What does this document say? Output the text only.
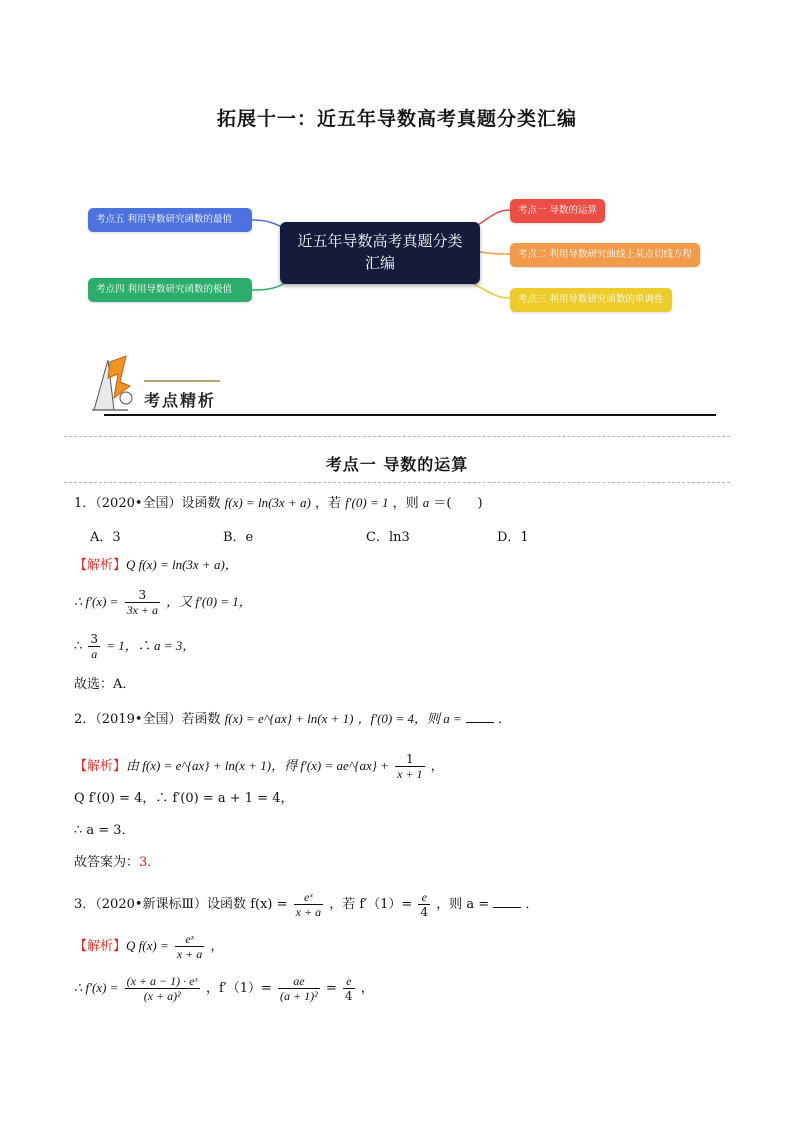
拓展十一：近五年导数高考真题分类汇编
近五年导数高考真题分类汇编
考点一 导数的运算
考点二 利用导数研究曲线上某点切线方程
考点三 利用导数研究函数的单调性
考点四 利用导数研究函数的极值
考点五 利用导数研究函数的最值
考点精析
考点一 导数的运算
1．（2020•全国）设函数 f(x) = ln(3x + a) ，若 f′(0) = 1 ，则 a ＝(　　)
A．3	B．e	C．ln3	D．1
【解析】Q f(x) = ln(3x + a)，
∴ $f'(x) = \frac{3}{3x + a}$ ，又 f′(0) = 1，
∴ $\frac{3}{a} = 1$，∴ a = 3，
故选：A．
2．（2019•全国）若函数 f(x) = e^{ax} + ln(x + 1) ，f′(0) = 4，则 a =	．
【解析】由 f(x) = e^{ax} + ln(x + 1)，得 f′(x) = ae^{ax} + $\frac{1}{x + 1}$ ，
Q f′(0) = 4，∴ f′(0) = a + 1 = 4，
∴ a = 3．
故答案为：3．
3．（2020•新课标Ⅲ）设函数 $f(x) = \frac{\text{eˣ}}{x + a}$ ，若 $f'(1)= \frac{e}{4}$ ，则 a =	．
【解析】Q $f(x) = \frac{\text{eˣ}}{x + a}$ ，
∴ $f'(x) = \frac{\text{(x + a − 1) · eˣ}}{\text{(x + a)²}}$ ，$f'(1)= \frac{ae}{\text{(a + 1)²}} = \frac{e}{4}$ ，
